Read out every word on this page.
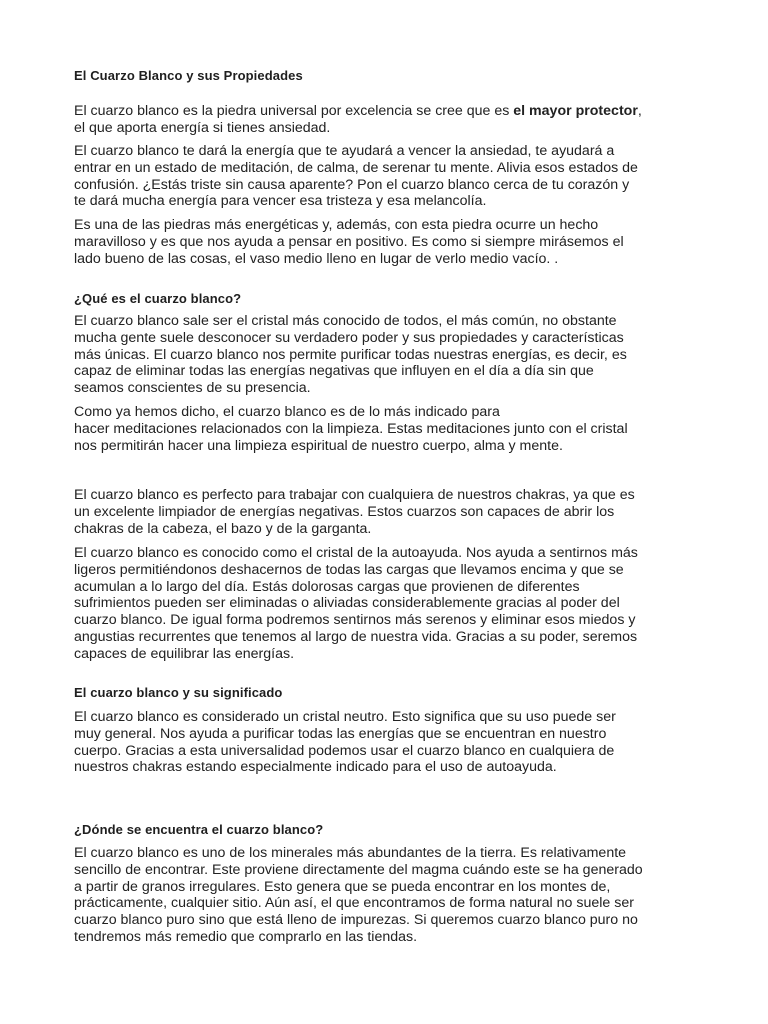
El Cuarzo Blanco y sus Propiedades

El cuarzo blanco es la piedra universal por excelencia se cree que es el mayor protector,
el que aporta energía si tienes ansiedad.

El cuarzo blanco te dará la energía que te ayudará a vencer la ansiedad, te ayudará a
entrar en un estado de meditación, de calma, de serenar tu mente. Alivia esos estados de
confusión. ¿Estás triste sin causa aparente? Pon el cuarzo blanco cerca de tu corazón y
te dará mucha energía para vencer esa tristeza y esa melancolía.

Es una de las piedras más energéticas y, además, con esta piedra ocurre un hecho
maravilloso y es que nos ayuda a pensar en positivo. Es como si siempre mirásemos el
lado bueno de las cosas, el vaso medio lleno en lugar de verlo medio vacío. .

¿Qué es el cuarzo blanco?

El cuarzo blanco sale ser el cristal más conocido de todos, el más común, no obstante
mucha gente suele desconocer su verdadero poder y sus propiedades y características
más únicas. El cuarzo blanco nos permite purificar todas nuestras energías, es decir, es
capaz de eliminar todas las energías negativas que influyen en el día a día sin que
seamos conscientes de su presencia.

Como ya hemos dicho, el cuarzo blanco es de lo más indicado para
hacer meditaciones relacionados con la limpieza. Estas meditaciones junto con el cristal
nos permitirán hacer una limpieza espiritual de nuestro cuerpo, alma y mente.

El cuarzo blanco es perfecto para trabajar con cualquiera de nuestros chakras, ya que es
un excelente limpiador de energías negativas. Estos cuarzos son capaces de abrir los
chakras de la cabeza, el bazo y de la garganta.

El cuarzo blanco es conocido como el cristal de la autoayuda. Nos ayuda a sentirnos más
ligeros permitiéndonos deshacernos de todas las cargas que llevamos encima y que se
acumulan a lo largo del día. Estás dolorosas cargas que provienen de diferentes
sufrimientos pueden ser eliminadas o aliviadas considerablemente gracias al poder del
cuarzo blanco. De igual forma podremos sentirnos más serenos y eliminar esos miedos y
angustias recurrentes que tenemos al largo de nuestra vida. Gracias a su poder, seremos
capaces de equilibrar las energías.

El cuarzo blanco y su significado

El cuarzo blanco es considerado un cristal neutro. Esto significa que su uso puede ser
muy general. Nos ayuda a purificar todas las energías que se encuentran en nuestro
cuerpo. Gracias a esta universalidad podemos usar el cuarzo blanco en cualquiera de
nuestros chakras estando especialmente indicado para el uso de autoayuda.

¿Dónde se encuentra el cuarzo blanco?

El cuarzo blanco es uno de los minerales más abundantes de la tierra. Es relativamente
sencillo de encontrar. Este proviene directamente del magma cuándo este se ha generado
a partir de granos irregulares. Esto genera que se pueda encontrar en los montes de,
prácticamente, cualquier sitio. Aún así, el que encontramos de forma natural no suele ser
cuarzo blanco puro sino que está lleno de impurezas. Si queremos cuarzo blanco puro no
tendremos más remedio que comprarlo en las tiendas.
